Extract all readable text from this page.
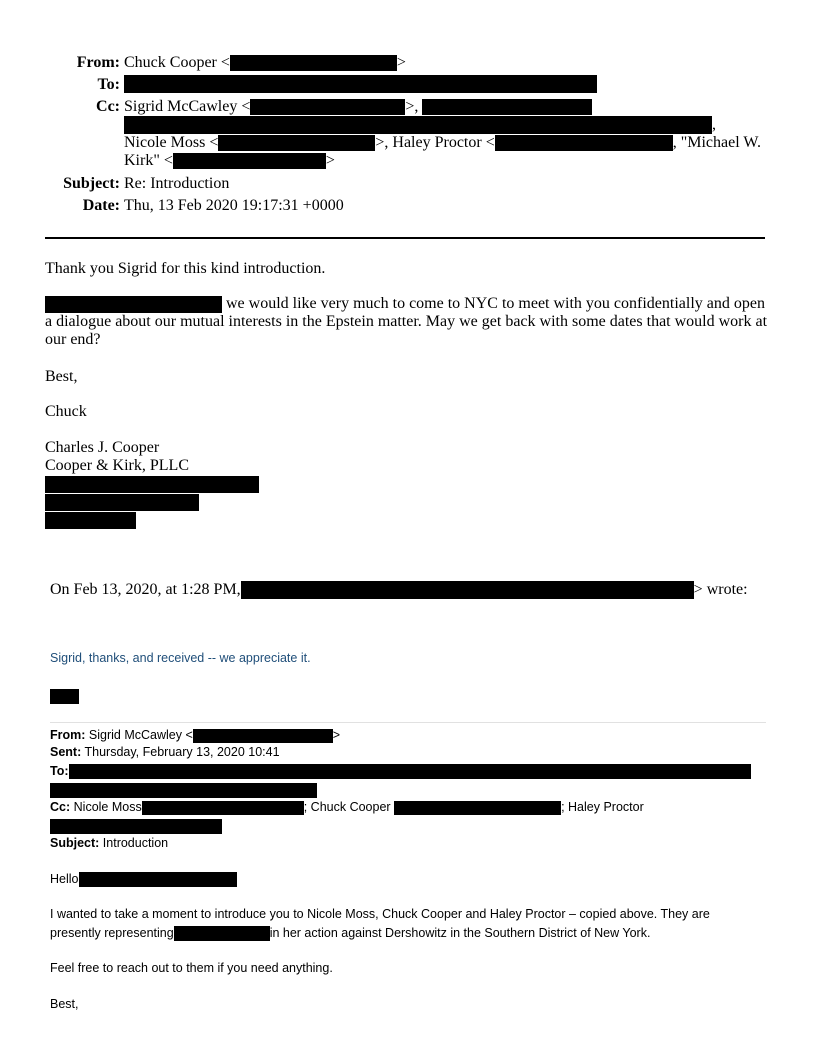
From: Chuck Cooper <	>
To:
Cc: Sigrid McCawley <	>,
,
Nicole Moss <	>, Haley Proctor <	, "Michael W.
Kirk" <	>
Subject: Re: Introduction
Date: Thu, 13 Feb 2020 19:17:31 +0000
Thank you Sigrid for this kind introduction.
we would like very much to come to NYC to meet with you confidentially and open
a dialogue about our mutual interests in the Epstein matter. May we get back with some dates that would work at our end?
Best,
Chuck
Charles J. Cooper
Cooper & Kirk, PLLC
On Feb 13, 2020, at 1:28 PM,	> wrote:
Sigrid, thanks, and received -- we appreciate it.
From: Sigrid McCawley <	>
Sent: Thursday, February 13, 2020 10:41
To:
Cc: Nicole Moss	; Chuck Cooper	; Haley Proctor
Subject: Introduction
Hello
I wanted to take a moment to introduce you to Nicole Moss, Chuck Cooper and Haley Proctor – copied above. They are
presently representing	in her action against Dershowitz in the Southern District of New York.
Feel free to reach out to them if you need anything.
Best,
